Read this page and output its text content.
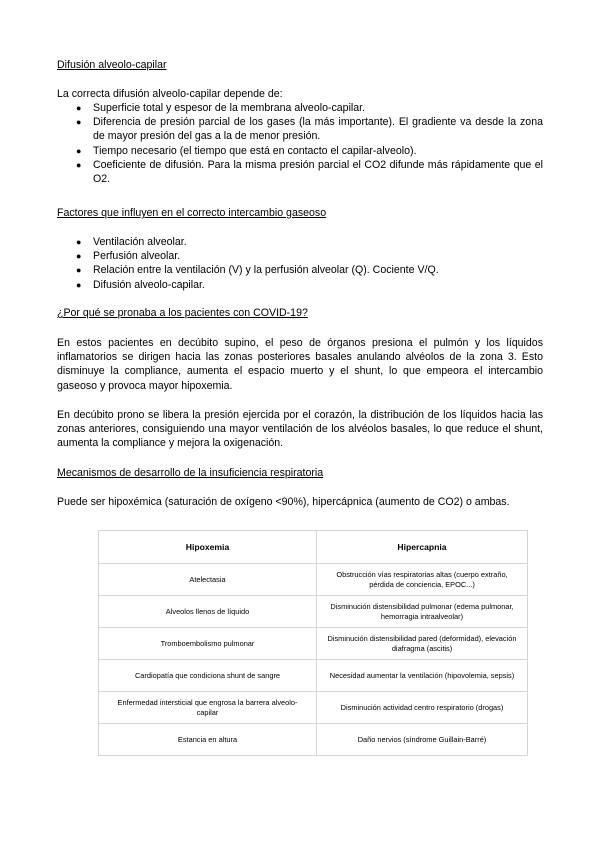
Difusión alveolo-capilar
La correcta difusión alveolo-capilar depende de:
● Superficie total y espesor de la membrana alveolo-capilar.
● Diferencia de presión parcial de los gases (la más importante). El gradiente va desde la zona de mayor presión del gas a la de menor presión.
● Tiempo necesario (el tiempo que está en contacto el capilar-alveolo).
● Coeficiente de difusión. Para la misma presión parcial el CO2 difunde más rápidamente que el O2.
Factores que influyen en el correcto intercambio gaseoso
● Ventilación alveolar.
● Perfusión alveolar.
● Relación entre la ventilación (V) y la perfusión alveolar (Q). Cociente V/Q.
● Difusión alveolo-capilar.
¿Por qué se pronaba a los pacientes con COVID-19?
En estos pacientes en decúbito supino, el peso de órganos presiona el pulmón y los líquidos inflamatorios se dirigen hacia las zonas posteriores basales anulando alvéolos de la zona 3. Esto disminuye la compliance, aumenta el espacio muerto y el shunt, lo que empeora el intercambio gaseoso y provoca mayor hipoxemia.
En decúbito prono se libera la presión ejercida por el corazón, la distribución de los líquidos hacia las zonas anteriores, consiguiendo una mayor ventilación de los alvéolos basales, lo que reduce el shunt, aumenta la compliance y mejora la oxigenación.
Mecanismos de desarrollo de la insuficiencia respiratoria
Puede ser hipoxémica (saturación de oxígeno <90%), hipercápnica (aumento de CO2) o ambas.
Hipoxemia	Hipercapnia
Atelectasia	Obstrucción vías respiratorias altas (cuerpo extraño, pérdida de conciencia, EPOC...)
Alveolos llenos de líquido	Disminución distensibilidad pulmonar (edema pulmonar, hemorragia intraalveolar)
Tromboembolismo pulmonar	Disminución distensibilidad pared (deformidad), elevación diafragma (ascitis)
Cardiopatía que condiciona shunt de sangre	Necesidad aumentar la ventilación (hipovolemia, sepsis)
Enfermedad intersticial que engrosa la barrera alveolo-capilar	Disminución actividad centro respiratorio (drogas)
Estancia en altura	Daño nervios (síndrome Guillain-Barré)
